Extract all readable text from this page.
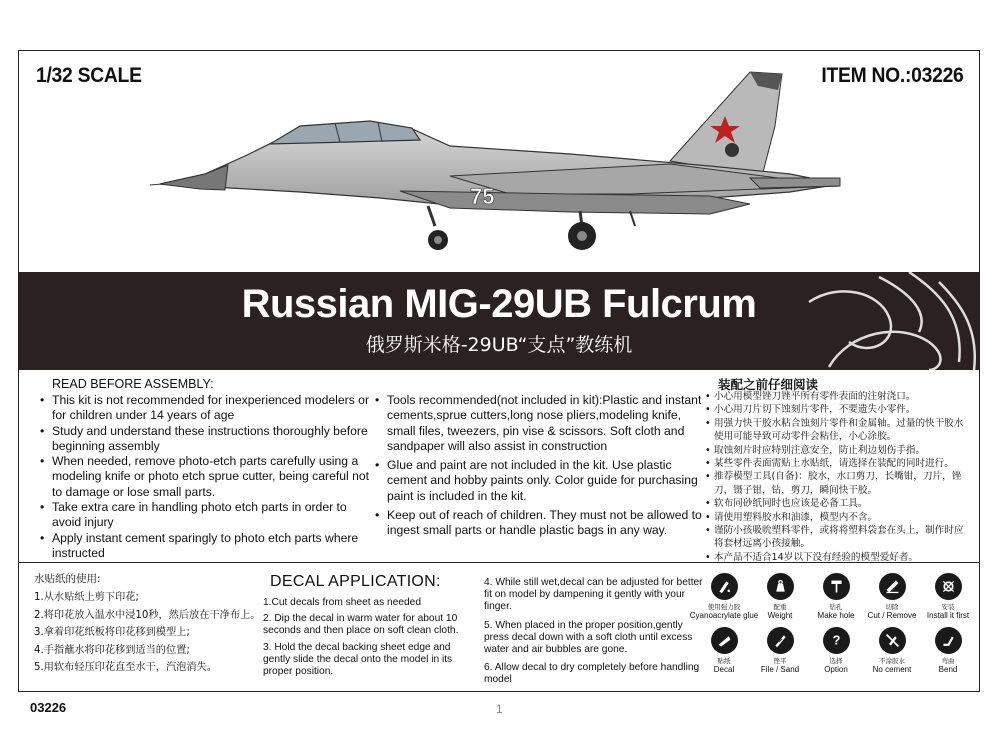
1/32 SCALE	ITEM NO.:03226
75
Russian MIG-29UB Fulcrum
俄罗斯米格-29UB“支点”教练机
READ BEFORE ASSEMBLY:
• This kit is not recommended for inexperienced modelers or for children under 14 years of age
• Study and understand these instructions thoroughly before beginning assembly
• When needed, remove photo-etch parts carefully using a modeling knife or photo etch sprue cutter, being careful not to damage or lose small parts.
• Take extra care in handling photo etch parts in order to avoid injury
• Apply instant cement sparingly to photo etch parts where instructed
• Tools recommended(not included in kit):Plastic and instant cements,sprue cutters,long nose pliers,modeling knife, small files, tweezers, pin vise & scissors. Soft cloth and sandpaper will also assist in construction
• Glue and paint are not included in the kit. Use plastic cement and hobby paints only. Color guide for purchasing paint is included in the kit.
• Keep out of reach of children. They must not be allowed to ingest small parts or handle plastic bags in any way.
装配之前仔细阅读
• 小心用模型锉刀锉平所有零件表面的注射浇口。
• 小心用刀片切下蚀刻片零件，不要遗失小零件。
• 用强力快干胶水粘合蚀刻片零件和金属轴。过量的快干胶水使用可能导致可动零件会粘住，小心涂胶。
• 取蚀刻片时应特别注意安全，防止利边划伤手指。
• 某些零件表面需贴上水贴纸，请选择在装配的同时进行。
• 推荐模型工具(自备)：胶水，水口剪刀，长嘴钳，刀片，锉刀，镊子钳，钻，剪刀，瞬间快干胶。
• 软布同砂纸同时也应该是必备工具。
• 请使用塑料胶水和油漆，模型内不含。
• 谨防小孩吸吮塑料零件，或将将塑料袋套在头上，制作时应将套材远离小孩接触。
• 本产品不适合14岁以下没有经验的模型爱好者。
水贴纸的使用:
1.从水贴纸上剪下印花;
2.将印花放入温水中浸10秒，然后放在干净布上。
3.拿着印花纸板将印花移到模型上;
4.手指蘸水将印花移到适当的位置;
5.用软布轻压印花直至水干，汽泡消失。
DECAL APPLICATION:
1.Cut decals from sheet as needed
2. Dip the decal in warm water for about 10 seconds and then place on soft clean cloth.
3. Hold the decal backing sheet edge and gently slide the decal onto the model in its proper position.
4. While still wet,decal can be adjusted for better fit on model by dampening it gently with your finger.
5. When placed in the proper position,gently press decal down with a soft cloth until excess water and air bubbles are gone.
6. Allow decal to dry completely before handling model
使用强力胶
Cyanoacrylate glue
配重
Weight
钻孔
Make hole
切除
Cut / Remove
安装
Install it first
贴纸
Decal
锉平
File / Sand
?
选择
Option
不涂胶水
No cement
弯曲
Bend
03226	1
